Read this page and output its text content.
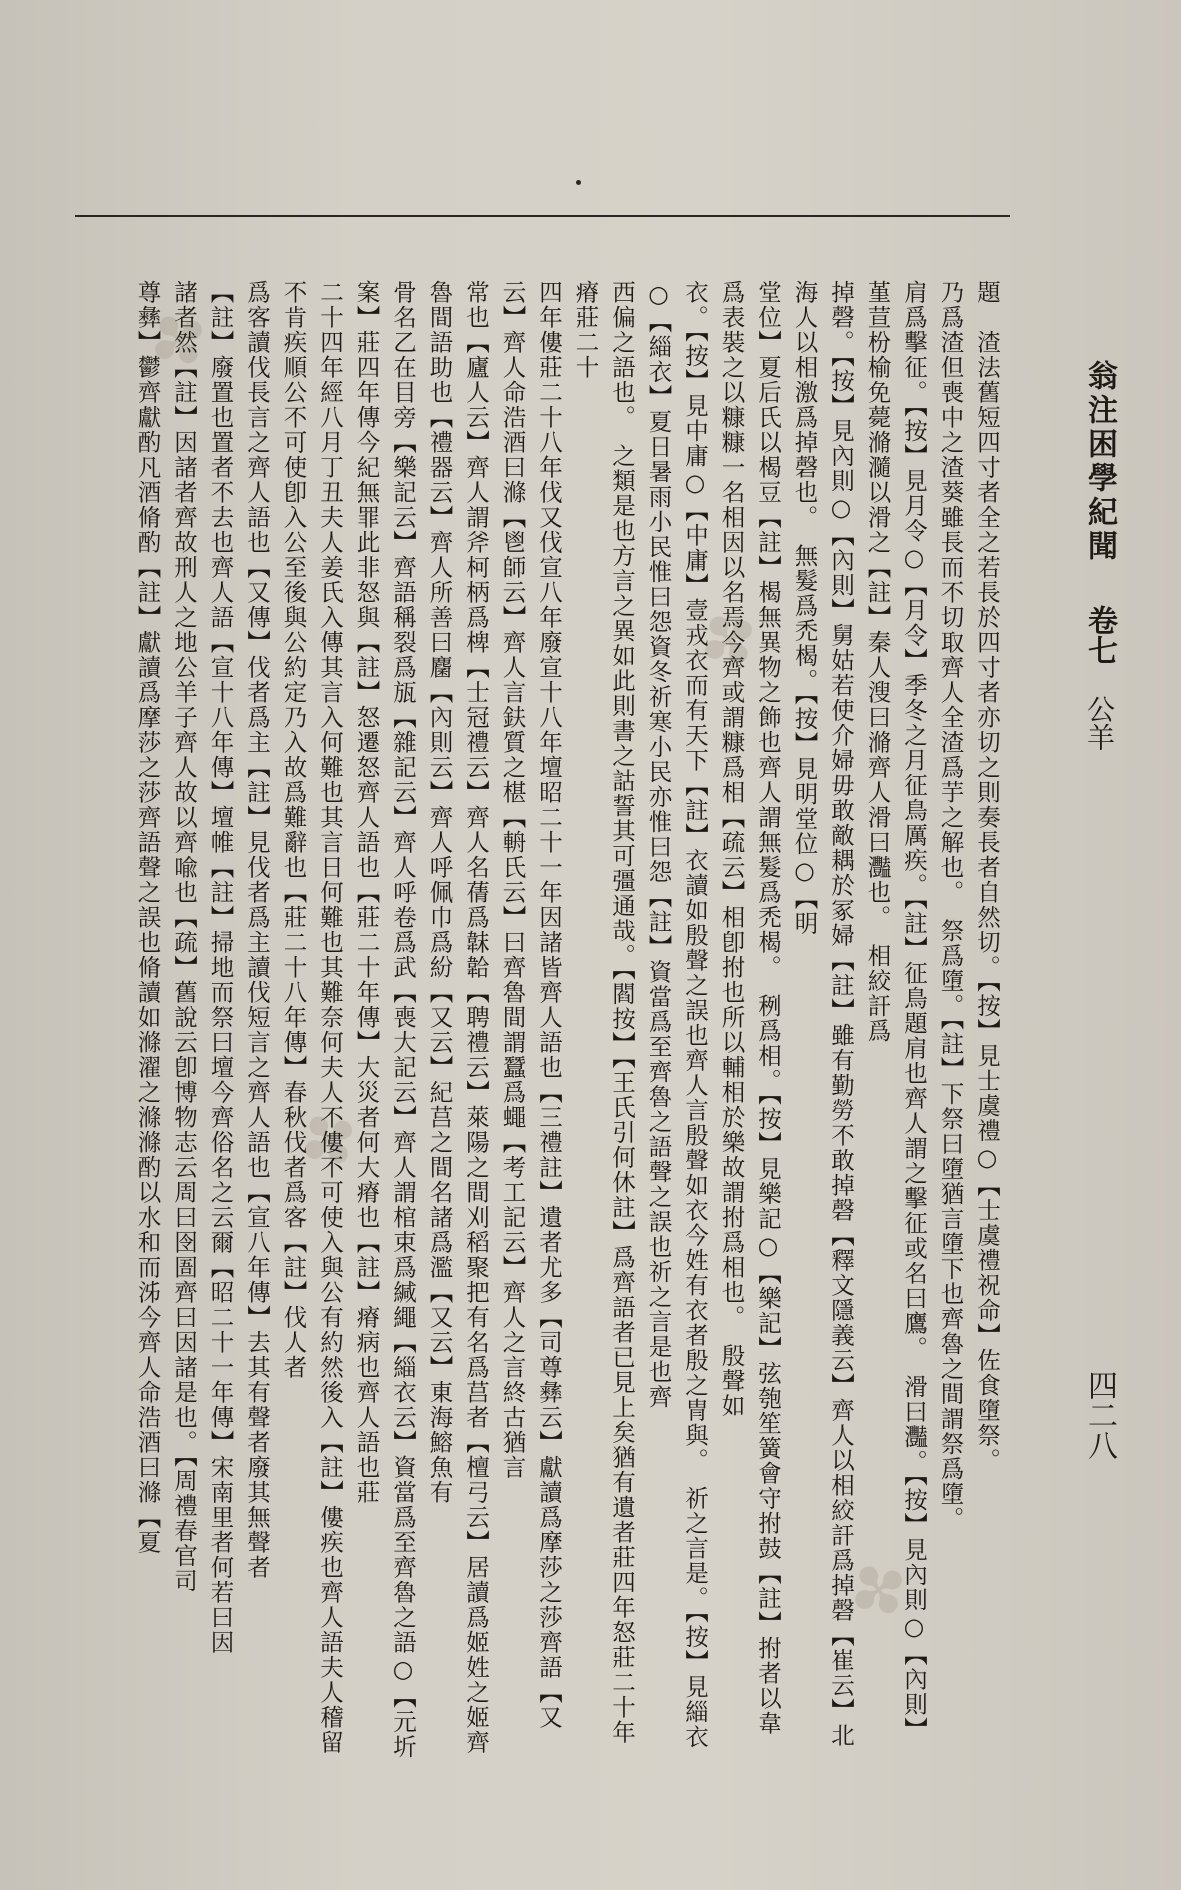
✤
✤
✤
✤
翁注困學紀聞
卷七
公羊
四二八

題　渣法舊短四寸者全之若長於四寸者亦切之則奏長者自然切。【按】見士虞禮○【士虞禮祝命】佐食墮祭。

乃爲渣但喪中之渣葵雖長而不切取齊人全渣爲芋之解也。　祭爲墮。【註】下祭曰墮猶言墮下也齊魯之間謂祭爲墮。

肩爲擊征。【按】見月令○【月令】季冬之月征鳥厲疾。【註】征鳥題肩也齊人謂之擊征或名曰鷹。　滑曰灩。【按】見內則○【內則】堇荁枌榆免薨滫瀡以滑之【註】秦人溲曰滫齊人滑曰灩也。　相絞訐爲

掉磬。【按】見內則○【內則】舅姑若使介婦毋敢敵耦於冢婦【註】雖有勤勞不敢掉磬【釋文隱義云】齊人以相絞訐爲掉磬【崔云】北海人以相激爲掉磬也。　無髮爲禿楬。【按】見明堂位○【明

堂位】夏后氏以楬豆【註】楬無異物之飾也齊人謂無髮爲禿楬。　䅀爲相。【按】見樂記○【樂記】弦匏笙簧會守拊鼓【註】拊者以韋爲表裝之以糠糠一名相因以名焉今齊或謂糠爲相【疏云】相卽拊也所以輔相於樂故謂拊爲相也。　殷聲如

衣。【按】見中庸○【中庸】壹戎衣而有天下【註】衣讀如殷聲之誤也齊人言殷聲如衣今姓有衣者殷之冑與。　祈之言是。【按】見緇衣○【緇衣】夏日暑雨小民惟曰怨資冬祈寒小民亦惟曰怨【註】資當爲至齊魯之語聲之誤也祈之言是也齊

西偏之語也。　之類是也方言之異如此則書之詁誓其可彊通哉。【閻按】【王氏引何休註】爲齊語者已見上矣猶有遺者莊四年怒莊二十年瘠莊二十

四年僂莊二十八年伐又伐宣八年廢宣十八年壇昭二十一年因諸皆齊人語也【三禮註】遺者尤多【司尊彝云】獻讀爲摩莎之莎齊語【又云】齊人命浩酒曰滌【鬯師云】齊人言鈇質之椹【輈氏云】曰齊魯間謂蠶爲蠅【考工記云】齊人之言終古猶言

常也【廬人云】齊人謂斧柯柄爲椑【士冠禮云】齊人名蒨爲韎韐【聘禮云】萊陽之間刈稻聚把有名爲莒者【檀弓云】居讀爲姬姓之姬齊魯間語助也【禮器云】齊人所善曰麕【內則云】齊人呼佩巾爲紛【又云】紀莒之間名諸爲濫【又云】東海鰫魚有

骨名乙在目旁【樂記云】齊語稱裂爲瓬【雜記云】齊人呼卷爲武【喪大記云】齊人謂棺束爲緘繩【緇衣云】資當爲至齊魯之語○【元圻案】莊四年傳今紀無罪此非怒與【註】怒遷怒齊人語也【莊二十年傳】大災者何大瘠也【註】瘠病也齊人語也莊

二十四年經八月丁丑夫人姜氏入傳其言入何難也其言日何難也其難奈何夫人不僂不可使入與公有約然後入【註】僂疾也齊人語夫人稽留不肯疾順公不可使卽入公至後與公約定乃入故爲難辭也【莊二十八年傳】春秋伐者爲客【註】伐人者

爲客讀伐長言之齊人語也【又傳】伐者爲主【註】見伐者爲主讀伐短言之齊人語也【宣八年傳】去其有聲者廢其無聲者

【註】廢置也置者不去也齊人語【宣十八年傳】壇帷【註】掃地而祭曰壇今齊俗名之云爾【昭二十一年傳】宋南里者何若曰因

諸者然【註】因諸者齊故刑人之地公羊子齊人故以齊喩也【疏】舊說云卽博物志云周曰囹圄齊曰因諸是也。【周禮春官司

尊彝】鬱齊獻酌凡酒脩酌【註】獻讀爲摩莎之莎齊語聲之誤也脩讀如滌濯之滌滌酌以水和而泲今齊人命浩酒曰滌【夏
